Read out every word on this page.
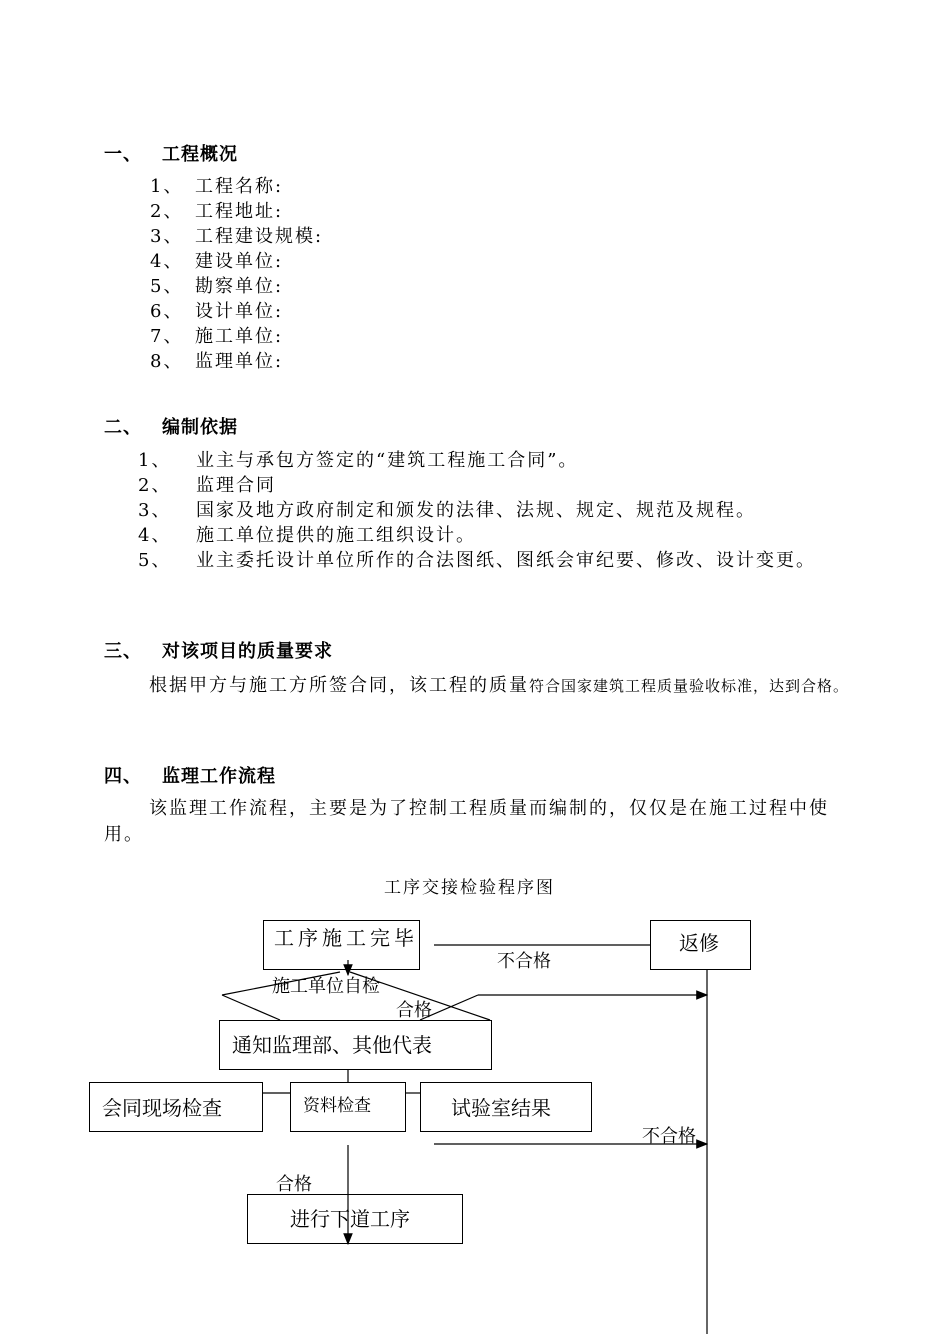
一、 工程概况
1、 工程名称:
2、 工程地址:
3、 工程建设规模:
4、 建设单位:
5、 勘察单位:
6、 设计单位:
7、 施工单位:
8、 监理单位:
二、 编制依据
1、 业主与承包方签定的“建筑工程施工合同”。
2、 监理合同
3、 国家及地方政府制定和颁发的法律、法规、规定、规范及规程。
4、 施工单位提供的施工组织设计。
5、 业主委托设计单位所作的合法图纸、图纸会审纪要、修改、设计变更。
三、 对该项目的质量要求

根据甲方与施工方所签合同，该工程的质量符合国家建筑工程质量验收标准，达到合格。

四、 监理工作流程

该监理工作流程，主要是为了控制工程质量而编制的，仅仅是在施工过程中使用。

工序交接检验程序图
工序施工完毕	返修
通知监理部、其他代表
会同现场检查	资料检查	试验室结果
进行下道工序
施工单位自检
合格
不合格
不合格
合格
